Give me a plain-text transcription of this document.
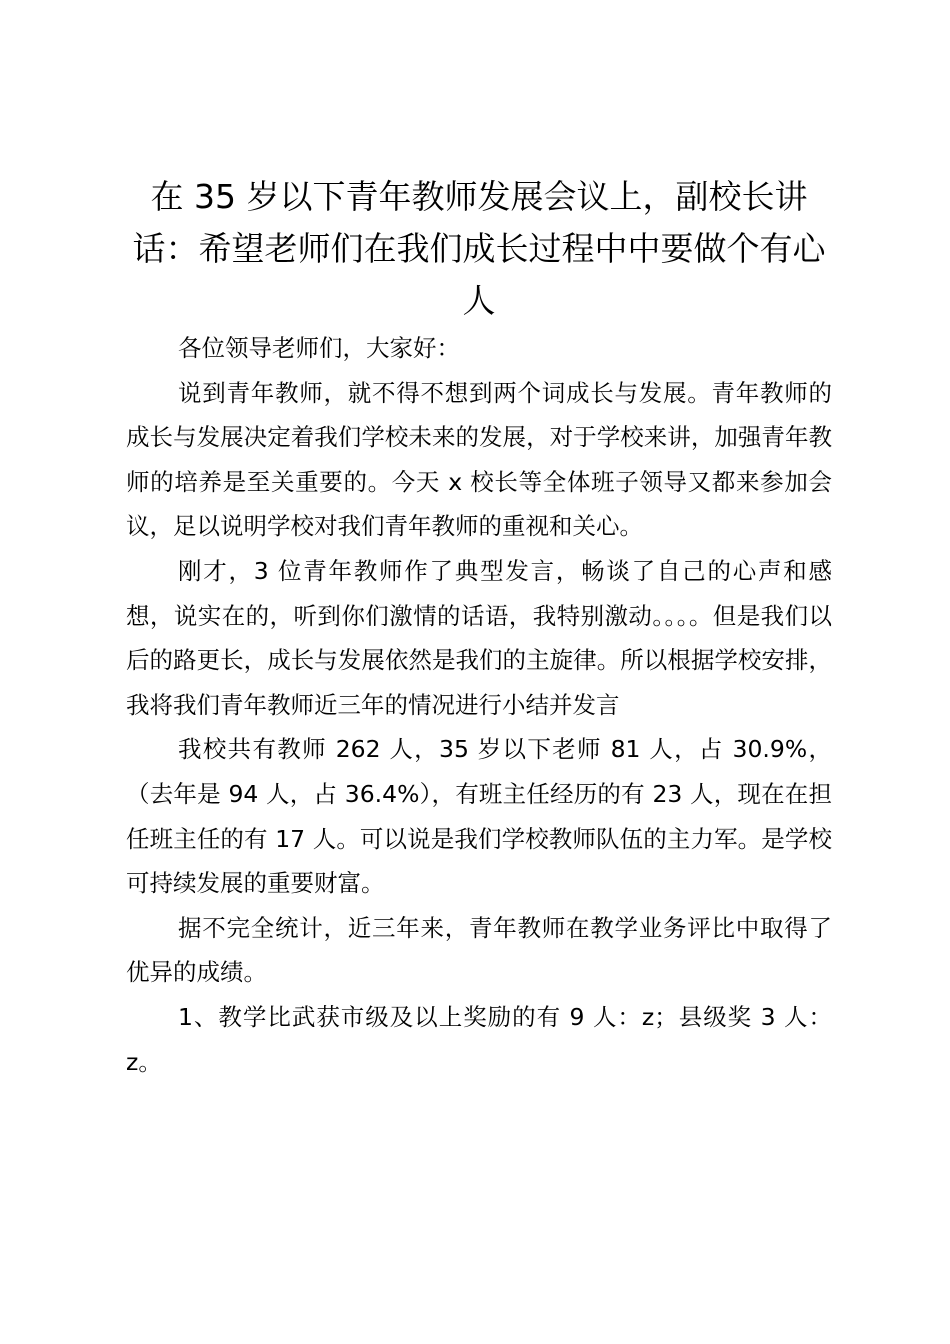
在 35 岁以下青年教师发展会议上，副校长讲话：希望老师们在我们成长过程中中要做个有心人

各位领导老师们，大家好：

说到青年教师，就不得不想到两个词成长与发展。青年教师的成长与发展决定着我们学校未来的发展，对于学校来讲，加强青年教师的培养是至关重要的。今天 x 校长等全体班子领导又都来参加会议，足以说明学校对我们青年教师的重视和关心。

刚才，3 位青年教师作了典型发言，畅谈了自己的心声和感想，说实在的，听到你们激情的话语，我特别激动。。。。但是我们以后的路更长，成长与发展依然是我们的主旋律。所以根据学校安排，我将我们青年教师近三年的情况进行小结并发言

我校共有教师 262 人，35 岁以下老师 81 人，占 30.9%，（去年是 94 人，占 36.4%），有班主任经历的有 23 人，现在在担任班主任的有 17 人。可以说是我们学校教师队伍的主力军。是学校可持续发展的重要财富。

据不完全统计，近三年来，青年教师在教学业务评比中取得了优异的成绩。

1、教学比武获市级及以上奖励的有 9 人：z；县级奖 3 人：z。
